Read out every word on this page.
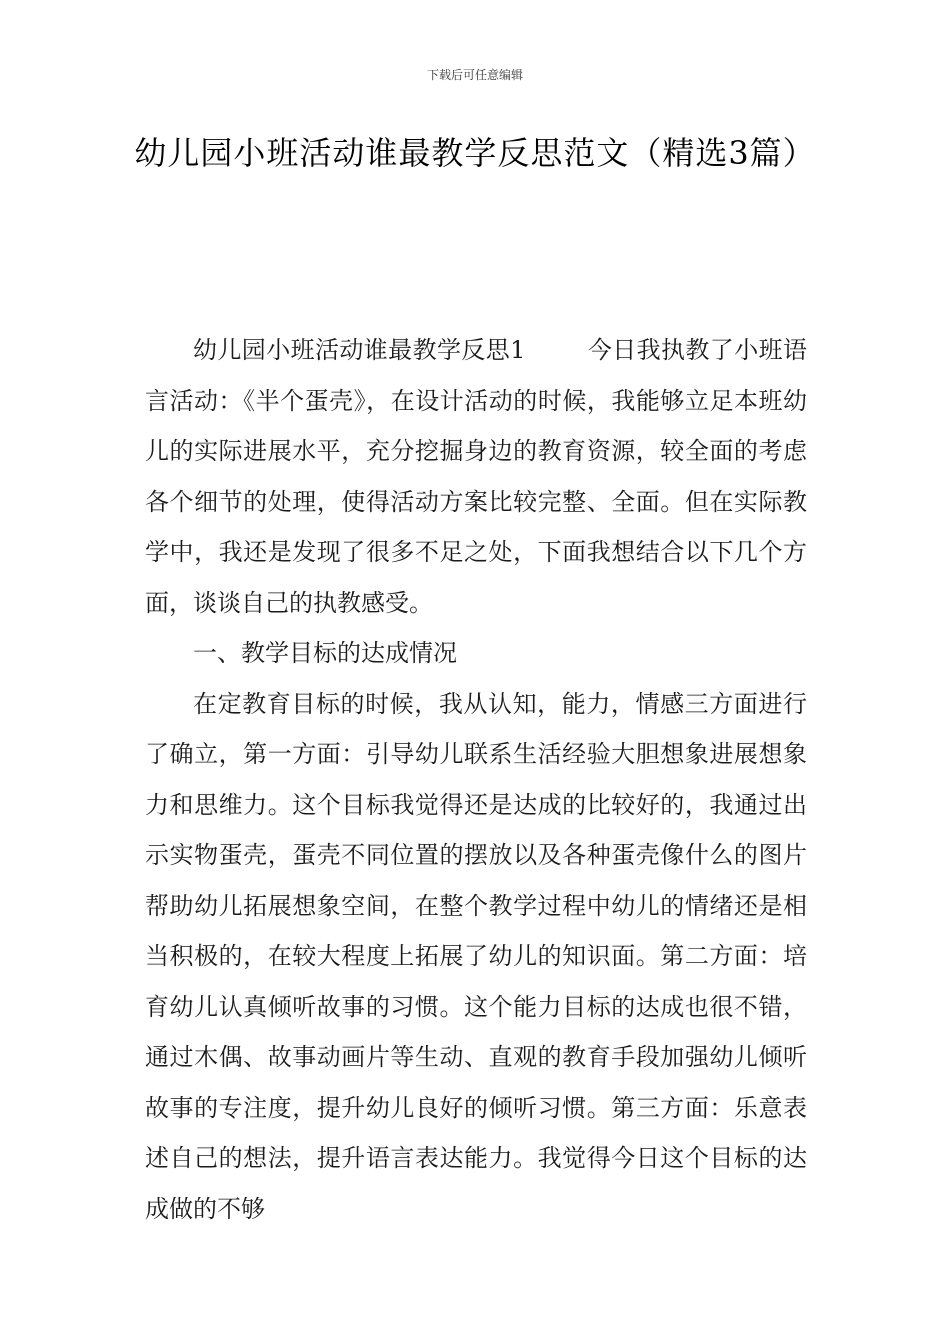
下载后可任意编辑
幼儿园小班活动谁最教学反思范文（精选3篇）

幼儿园小班活动谁最教学反思1	今日我执教了小班语言活动：《半个蛋壳》，在设计活动的时候，我能够立足本班幼儿的实际进展水平，充分挖掘身边的教育资源，较全面的考虑各个细节的处理，使得活动方案比较完整、全面。但在实际教学中，我还是发现了很多不足之处，下面我想结合以下几个方面，谈谈自己的执教感受。

一、教学目标的达成情况

在定教育目标的时候，我从认知，能力，情感三方面进行了确立，第一方面：引导幼儿联系生活经验大胆想象进展想象力和思维力。这个目标我觉得还是达成的比较好的，我通过出示实物蛋壳，蛋壳不同位置的摆放以及各种蛋壳像什么的图片帮助幼儿拓展想象空间，在整个教学过程中幼儿的情绪还是相当积极的，在较大程度上拓展了幼儿的知识面。第二方面：培育幼儿认真倾听故事的习惯。这个能力目标的达成也很不错，通过木偶、故事动画片等生动、直观的教育手段加强幼儿倾听故事的专注度，提升幼儿良好的倾听习惯。第三方面：乐意表述自己的想法，提升语言表达能力。我觉得今日这个目标的达成做的不够
